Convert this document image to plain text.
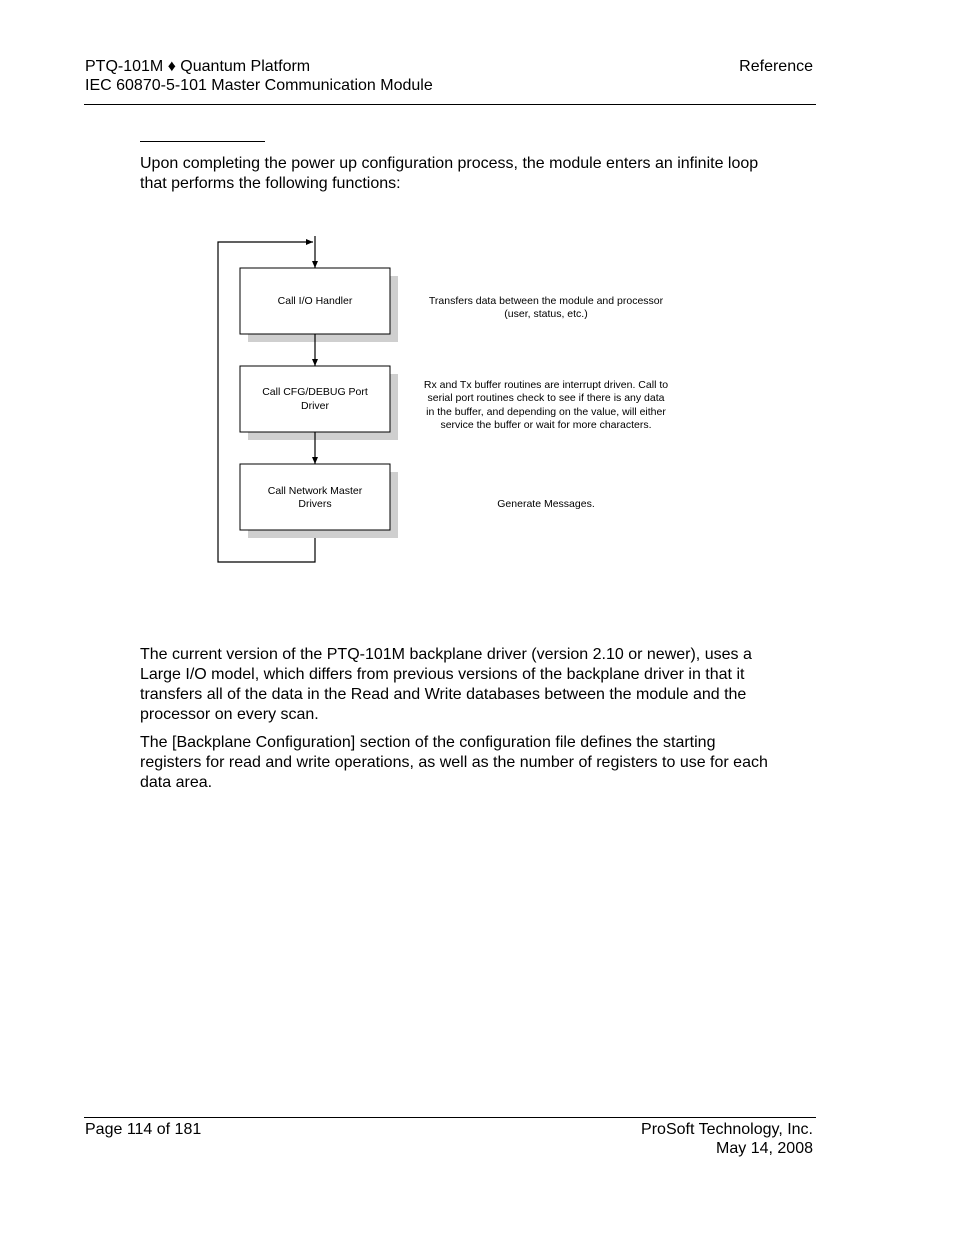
PTQ-101M ♦ Quantum Platform
IEC 60870-5-101 Master Communication Module
Reference

Upon completing the power up configuration process, the module enters an infinite loop that performs the following functions:

Call I/O Handler	Transfers data between the module and processor
(user, status, etc.)
Call CFG/DEBUG Port
Driver
Rx and Tx buffer routines are interrupt driven. Call to
serial port routines check to see if there is any data
in the buffer, and depending on the value, will either
service the buffer or wait for more characters.
Call Network Master
Drivers	Generate Messages.

The current version of the PTQ-101M backplane driver (version 2.10 or newer), uses a Large I/O model, which differs from previous versions of the backplane driver in that it transfers all of the data in the Read and Write databases between the module and the processor on every scan.

The [Backplane Configuration] section of the configuration file defines the starting registers for read and write operations, as well as the number of registers to use for each data area.

Page 114 of 181	ProSoft Technology, Inc.
May 14, 2008
